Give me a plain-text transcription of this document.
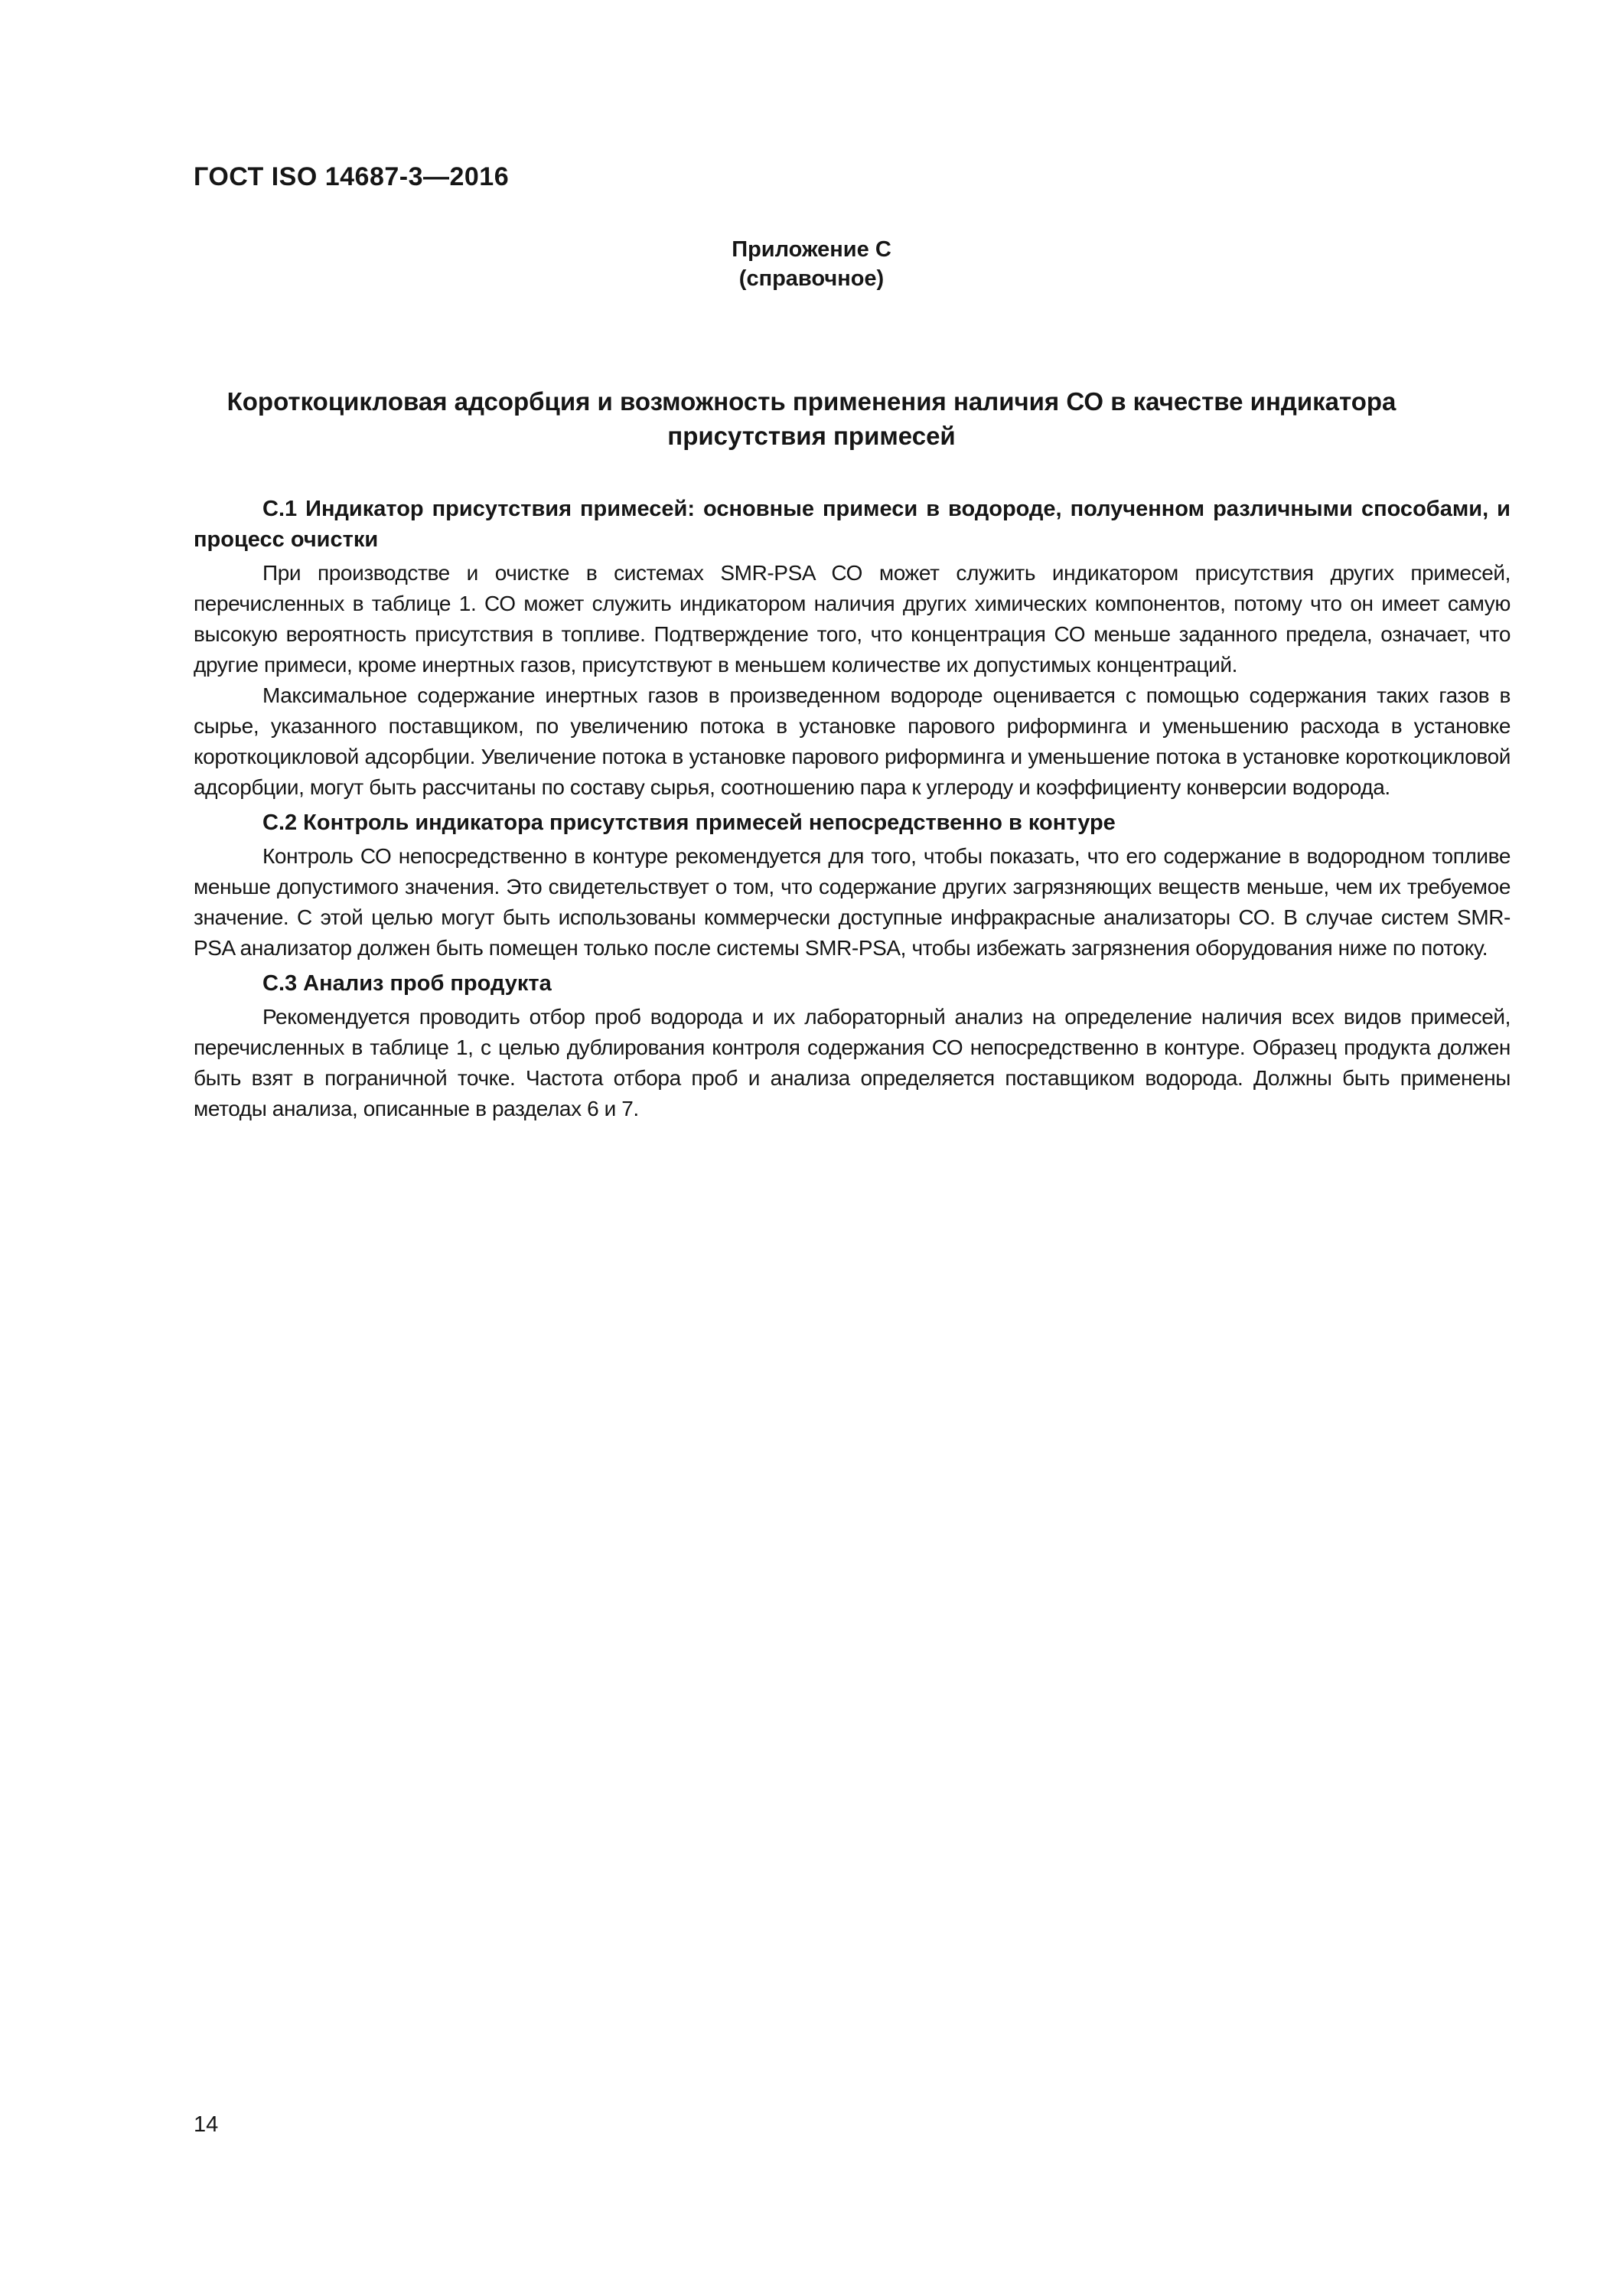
ГОСТ ISO 14687-3—2016
Приложение С
(справочное)
Короткоцикловая адсорбция и возможность применения наличия СО в качестве индикатора
присутствия примесей

С.1 Индикатор присутствия примесей: основные примеси в водороде, полученном различными способами, и процесс очистки

При производстве и очистке в системах SMR-PSA СО может служить индикатором присутствия других примесей, перечисленных в таблице 1. СО может служить индикатором наличия других химических компонентов, потому что он имеет самую высокую вероятность присутствия в топливе. Подтверждение того, что концентрация СО меньше заданного предела, означает, что другие примеси, кроме инертных газов, присутствуют в меньшем количестве их допустимых концентраций.

Максимальное содержание инертных газов в произведенном водороде оценивается с помощью содержания таких газов в сырье, указанного поставщиком, по увеличению потока в установке парового риформинга и уменьшению расхода в установке короткоцикловой адсорбции. Увеличение потока в установке парового риформинга и уменьшение потока в установке короткоцикловой адсорбции, могут быть рассчитаны по составу сырья, соотношению пара к углероду и коэффициенту конверсии водорода.

С.2 Контроль индикатора присутствия примесей непосредственно в контуре

Контроль СО непосредственно в контуре рекомендуется для того, чтобы показать, что его содержание в водородном топливе меньше допустимого значения. Это свидетельствует о том, что содержание других загрязняющих веществ меньше, чем их требуемое значение. С этой целью могут быть использованы коммерчески доступные инфракрасные анализаторы СО. В случае систем SMR-PSA анализатор должен быть помещен только после системы SMR-PSA, чтобы избежать загрязнения оборудования ниже по потоку.

С.3 Анализ проб продукта

Рекомендуется проводить отбор проб водорода и их лабораторный анализ на определение наличия всех видов примесей, перечисленных в таблице 1, с целью дублирования контроля содержания СО непосредственно в контуре. Образец продукта должен быть взят в пограничной точке. Частота отбора проб и анализа определяется поставщиком водорода. Должны быть применены методы анализа, описанные в разделах 6 и 7.

14
